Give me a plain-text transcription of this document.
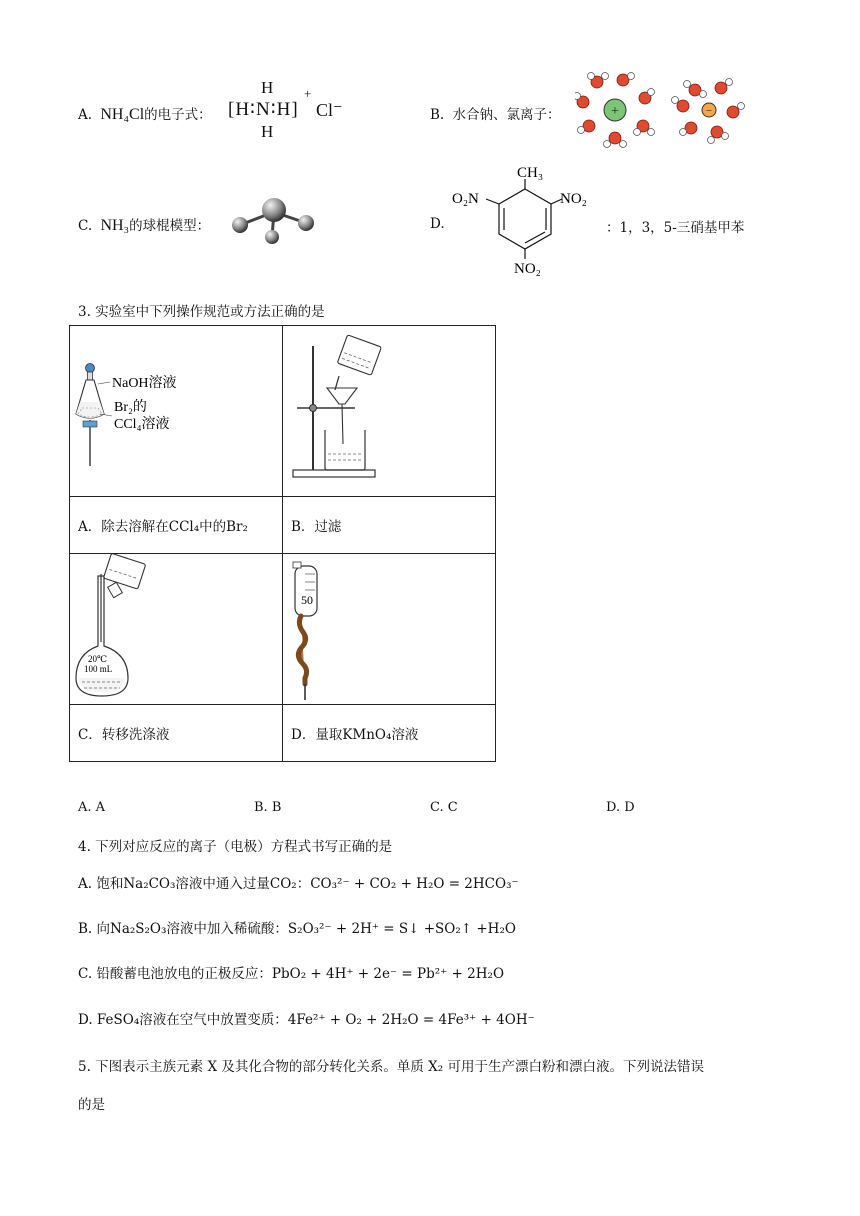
A. NH₄Cl的电子式：
H
[H∶N∶H]
H
+
Cl⁻	B. 水合钠、氯离子：	+	−
C. NH₃的球棍模型：	D.
CH₃
O₂N	NO₂
NO₂
：1，3，5-三硝基甲苯
3. 实验室中下列操作规范或方法正确的是
NaOH溶液
Br₂的
CCl₄溶液

A．除去溶解在CCl₄中的Br₂	B．过滤

20℃
100 mL	50

C．转移洗涤液	D．量取KMnO₄溶液
A. A	B. B	C. C	D. D
4. 下列对应反应的离子（电极）方程式书写正确的是
A. 饱和Na₂CO₃溶液中通入过量CO₂：CO₃²⁻ + CO₂ + H₂O = 2HCO₃⁻
B. 向Na₂S₂O₃溶液中加入稀硫酸：S₂O₃²⁻ + 2H⁺ = S↓ +SO₂↑ +H₂O
C. 铅酸蓄电池放电的正极反应：PbO₂ + 4H⁺ + 2e⁻ = Pb²⁺ + 2H₂O
D. FeSO₄溶液在空气中放置变质：4Fe²⁺ + O₂ + 2H₂O = 4Fe³⁺ + 4OH⁻
5. 下图表示主族元素 X 及其化合物的部分转化关系。单质 X₂ 可用于生产漂白粉和漂白液。下列说法错误
的是
